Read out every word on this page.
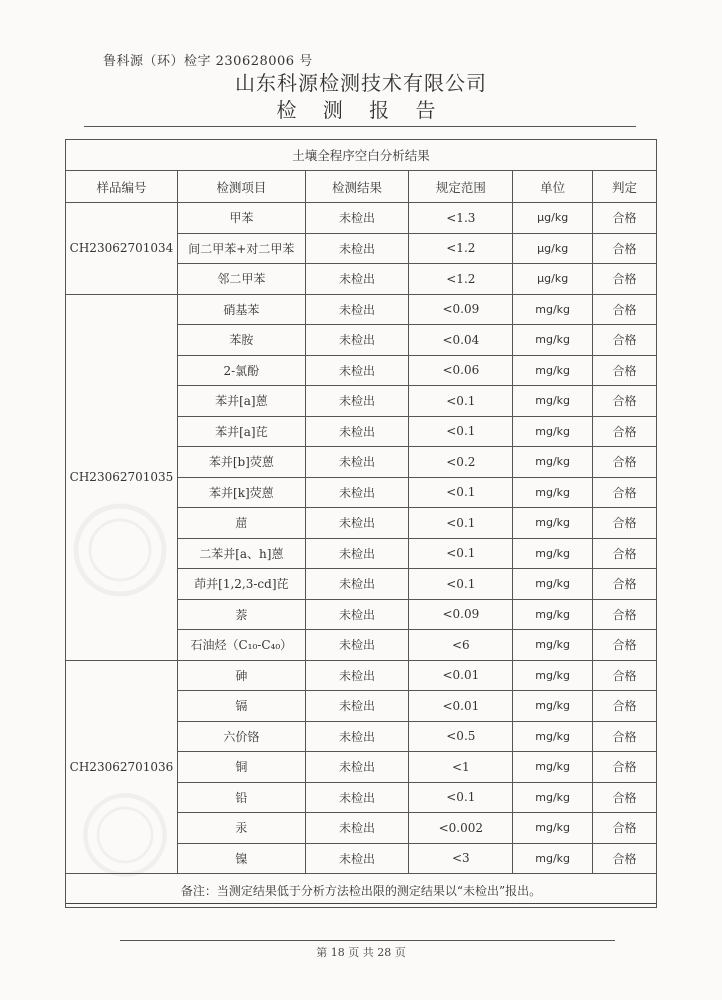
鲁科源（环）检字 230628006 号
山东科源检测技术有限公司
检 测 报 告
土壤全程序空白分析结果					
样品编号	检测项目	检测结果	规定范围	单位	判定
CH23062701034	甲苯	未检出	<1.3	μg/kg	合格
	间二甲苯+对二甲苯	未检出	<1.2	μg/kg	合格
	邻二甲苯	未检出	<1.2	μg/kg	合格
CH23062701035	硝基苯	未检出	<0.09	mg/kg	合格
	苯胺	未检出	<0.04	mg/kg	合格
	2-氯酚	未检出	<0.06	mg/kg	合格
	苯并[a]蒽	未检出	<0.1	mg/kg	合格
	苯并[a]芘	未检出	<0.1	mg/kg	合格
	苯并[b]荧蒽	未检出	<0.2	mg/kg	合格
	苯并[k]荧蒽	未检出	<0.1	mg/kg	合格
	䓛	未检出	<0.1	mg/kg	合格
	二苯并[a、h]蒽	未检出	<0.1	mg/kg	合格
	茚并[1,2,3-cd]芘	未检出	<0.1	mg/kg	合格
	萘	未检出	<0.09	mg/kg	合格
	石油烃（C₁₀-C₄₀）	未检出	<6	mg/kg	合格
CH23062701036	砷	未检出	<0.01	mg/kg	合格
	镉	未检出	<0.01	mg/kg	合格
	六价铬	未检出	<0.5	mg/kg	合格
	铜	未检出	<1	mg/kg	合格
	铅	未检出	<0.1	mg/kg	合格
	汞	未检出	<0.002	mg/kg	合格
	镍	未检出	<3	mg/kg	合格
备注：当测定结果低于分析方法检出限的测定结果以“未检出”报出。					
第 18 页 共 28 页
